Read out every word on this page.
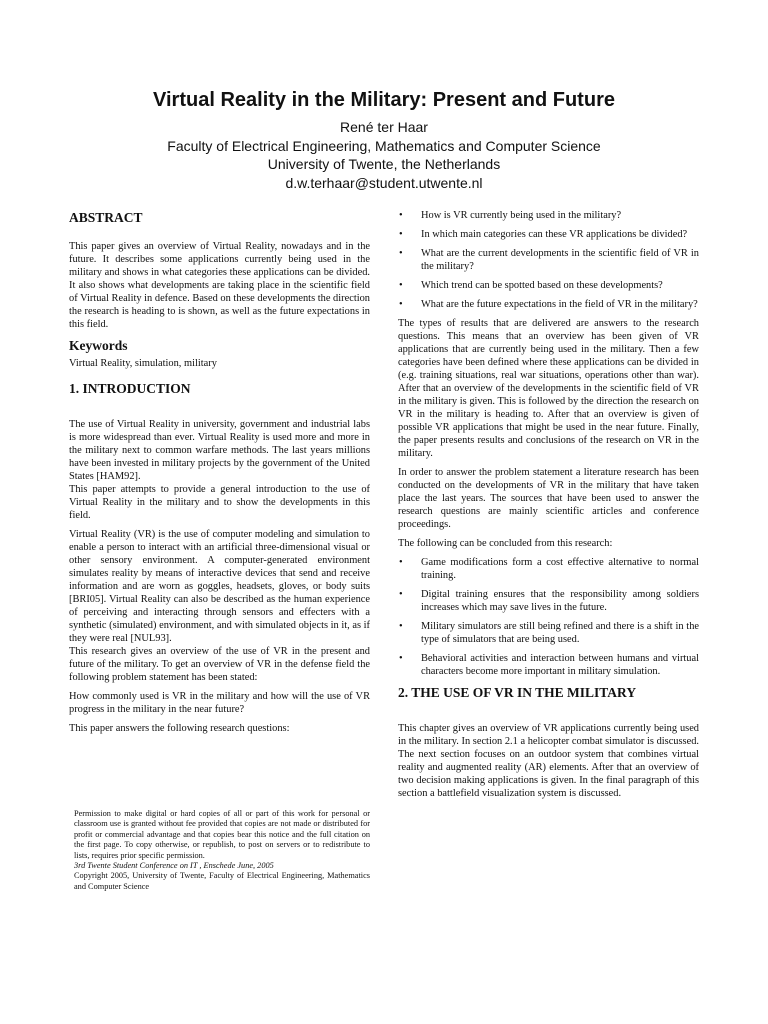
Virtual Reality in the Military: Present and Future
René ter Haar
Faculty of Electrical Engineering, Mathematics and Computer Science
University of Twente, the Netherlands
d.w.terhaar@student.utwente.nl
ABSTRACT

This paper gives an overview of Virtual Reality, nowadays and in the future. It describes some applications currently being used in the military and shows in what categories these applications can be divided. It also shows what developments are taking place in the scientific field of Virtual Reality in defence. Based on these developments the direction the research is heading to is shown, as well as the future expectations in this field.

Keywords

Virtual Reality, simulation, military

1. INTRODUCTION

The use of Virtual Reality in university, government and industrial labs is more widespread than ever. Virtual Reality is used more and more in the military next to common warfare methods. The last years millions have been invested in military projects by the government of the United States [HAM92].

This paper attempts to provide a general introduction to the use of Virtual Reality in the military and to show the developments in this field.

Virtual Reality (VR) is the use of computer modeling and simulation to enable a person to interact with an artificial three-dimensional visual or other sensory environment. A computer-generated environment simulates reality by means of interactive devices that send and receive information and are worn as goggles, headsets, gloves, or body suits [BRI05]. Virtual Reality can also be described as the human experience of perceiving and interacting through sensors and effecters with a synthetic (simulated) environment, and with simulated objects in it, as if they were real [NUL93].

This research gives an overview of the use of VR in the present and future of the military. To get an overview of VR in the defense field the following problem statement has been stated:

How commonly used is VR in the military and how will the use of VR progress in the military in the near future?

This paper answers the following research questions:

Permission to make digital or hard copies of all or part of this work for personal or classroom use is granted without fee provided that copies are not made or distributed for profit or commercial advantage and that copies bear this notice and the full citation on the first page. To copy otherwise, or republish, to post on servers or to redistribute to lists, requires prior specific permission.
3rd Twente Student Conference on IT , Enschede June, 2005
Copyright 2005, University of Twente, Faculty of Electrical Engineering, Mathematics and Computer Science
• How is VR currently being used in the military?
• In which main categories can these VR applications be divided?
• What are the current developments in the scientific field of VR in the military?
• Which trend can be spotted based on these developments?
• What are the future expectations in the field of VR in the military?

The types of results that are delivered are answers to the research questions. This means that an overview has been given of VR applications that are currently being used in the military. Then a few categories have been defined where these applications can be divided in (e.g. training situations, real war situations, operations other than war). After that an overview of the developments in the scientific field of VR in the military is given. This is followed by the direction the research on VR in the military is heading to. After that an overview is given of possible VR applications that might be used in the near future. Finally, the paper presents results and conclusions of the research on VR in the military.

In order to answer the problem statement a literature research has been conducted on the developments of VR in the military that have taken place the last years. The sources that have been used to answer the research questions are mainly scientific articles and conference proceedings.

The following can be concluded from this research:

• Game modifications form a cost effective alternative to normal training.
• Digital training ensures that the responsibility among soldiers increases which may save lives in the future.
• Military simulators are still being refined and there is a shift in the type of simulators that are being used.
• Behavioral activities and interaction between humans and virtual characters become more important in military simulation.
2. THE USE OF VR IN THE MILITARY

This chapter gives an overview of VR applications currently being used in the military. In section 2.1 a helicopter combat simulator is discussed. The next section focuses on an outdoor system that combines virtual reality and augmented reality (AR) elements. After that an overview of two decision making applications is given. In the final paragraph of this section a battlefield visualization system is discussed.
